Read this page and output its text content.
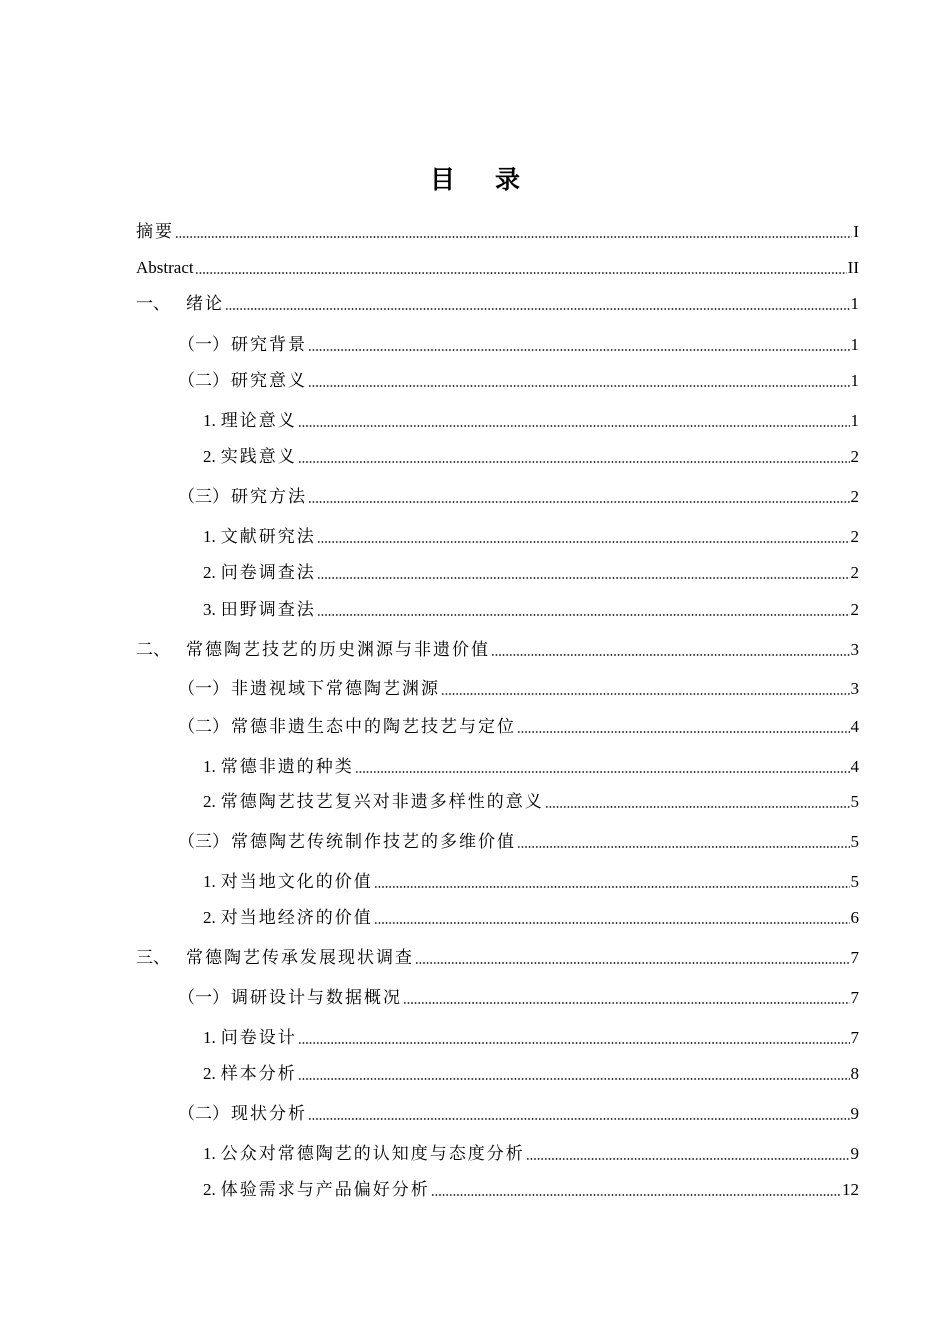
目 录
摘要	I
Abstract	II
一、 绪论	1
（一） 研究背景	1
（二） 研究意义	1
1. 理论意义	1
2. 实践意义	2
（三） 研究方法	2
1. 文献研究法	2
2. 问卷调查法	2
3. 田野调查法	2
二、 常德陶艺技艺的历史渊源与非遗价值	3
（一） 非遗视域下常德陶艺渊源	3
（二） 常德非遗生态中的陶艺技艺与定位	4
1. 常德非遗的种类	4
2. 常德陶艺技艺复兴对非遗多样性的意义	5
（三） 常德陶艺传统制作技艺的多维价值	5
1. 对当地文化的价值	5
2. 对当地经济的价值	6
三、 常德陶艺传承发展现状调查	7
（一） 调研设计与数据概况	7
1. 问卷设计	7
2. 样本分析	8
（二） 现状分析	9
1. 公众对常德陶艺的认知度与态度分析	9
2. 体验需求与产品偏好分析	12
